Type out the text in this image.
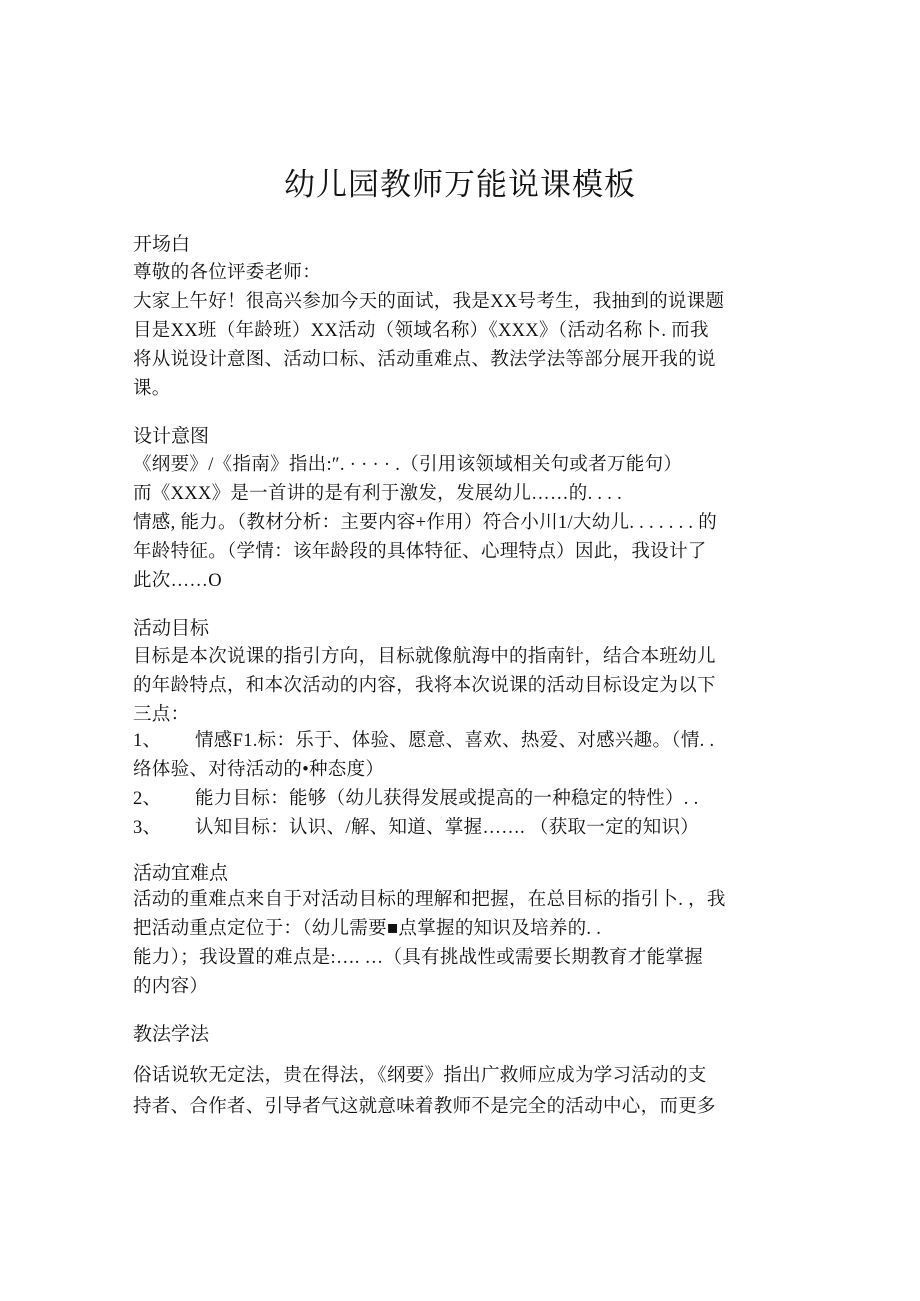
幼儿园教师万能说课模板
开场白

尊敬的各位评委老师：

大家上午好！很高兴参加今天的面试，我是XX号考生，我抽到的说课题

目是XX班（年龄班）XX活动（领域名称）《XXX》（活动名称卜. 而我

将从说设计意图、活动口标、活动重难点、教法学法等部分展开我的说

课。

设计意图

《纲要》/《指南》指出:″. · · · · .（引用该领域相关句或者万能句）

而《XXX》是一首讲的是有利于激发，发展幼儿……的. . . .

情感, 能力。（教材分析：主要内容+作用）符合小川1/大幼儿. . . . . . . 的

年龄特征。（学情：该年龄段的具体特征、心理特点）因此，我设计了

此次……O

活动目标

目标是本次说课的指引方向，目标就像航海中的指南针，结合本班幼儿

的年龄特点，和本次活动的内容，我将本次说课的活动目标设定为以下

三点：

1、	情感F1.标：乐于、体验、愿意、喜欢、热爱、对感兴趣。（情. .
络体验、对待活动的•种态度）
2、	能力目标：能够（幼儿获得发展或提高的一种稳定的特性）. .
3、	认知目标：认识、/解、知道、掌握……. （获取一定的知识）
活动宜难点

活动的重难点来自于对活动目标的理解和把握，在总目标的指引卜. ，我

把活动重点定位于：（幼儿需要■点掌握的知识及培养的. .

能力）；我设置的难点是:…. …（具有挑战性或需要长期教育才能掌握

的内容）

教法学法

俗话说软无定法，贵在得法，《纲要》指出广救师应成为学习活动的支

持者、合作者、引导者气这就意味着教师不是完全的活动中心，而更多
